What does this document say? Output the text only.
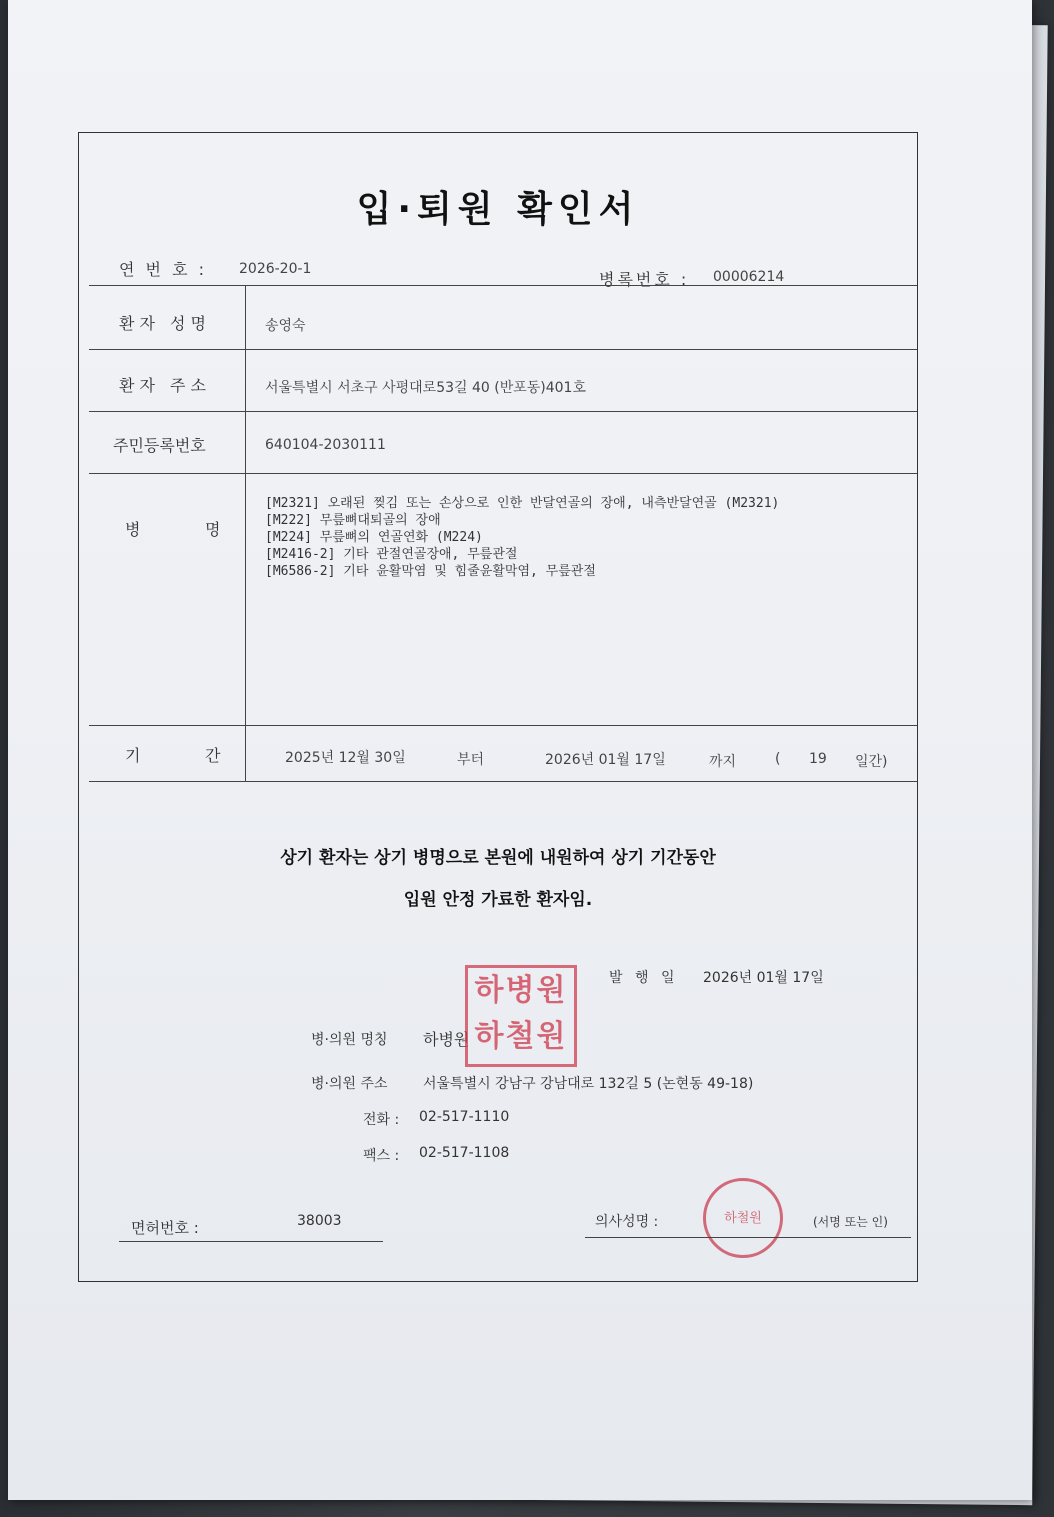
입·퇴원 확인서
연 번 호 : 2026-20-1
병록번호 : 00006214
환자 성명	송영숙
환자 주소	서울특별시 서초구 사평대로53길 40 (반포동)401호
주민등록번호	640104-2030111
병	명
[M2321] 오래된 찢김 또는 손상으로 인한 반달연골의 장애, 내측반달연골 (M2321)
[M222] 무릎뼈대퇴골의 장애
[M224] 무릎뼈의 연골연화 (M224)
[M2416-2] 기타 관절연골장애, 무릎관절
[M6586-2] 기타 윤활막염 및 힘줄윤활막염, 무릎관절
기	간	2025년 12월 30일	부터	2026년 01월 17일	까지	( 19 일간)
상기 환자는 상기 병명으로 본원에 내원하여 상기 기간동안
입원 안정 가료한 환자임.
발 행 일 2026년 01월 17일
병·의원 명칭 하병원
병·의원 주소	서울특별시 강남구 강남대로 132길 5 (논현동 49-18)
전화 : 02-517-1110
팩스 : 02-517-1108
하병원
하철원
면허번호 :	38003	의사성명 :	하철원	(서명 또는 인)
